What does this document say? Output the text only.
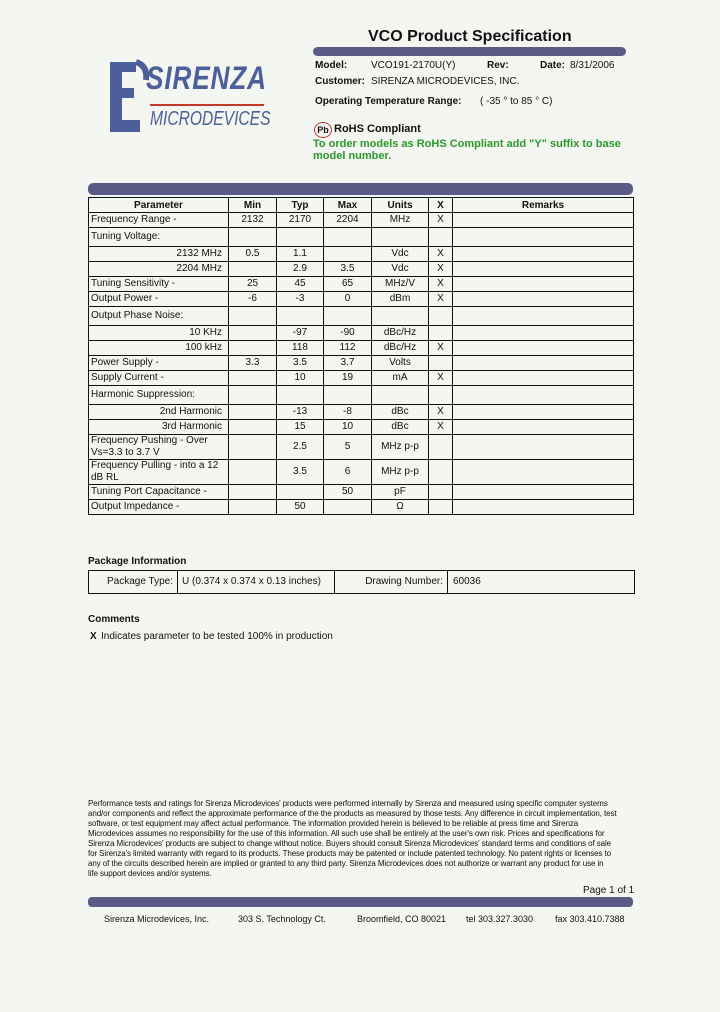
SIRENZA
MICRODEVICES
VCO Product Specification
Model: VCO191-2170U(Y)	Rev:	Date: 8/31/2006
Customer: SIRENZA MICRODEVICES, INC.
Operating Temperature Range: ( -35 ° to 85 ° C)
Pb RoHS Compliant
To order models as RoHS Compliant add "Y" suffix to base
model number.
Parameter	Min	Typ	Max	Units	X	Remarks
Frequency Range -	2132	2170	2204	MHz	X	
Tuning Voltage:						
2132 MHz	0.5	1.1		Vdc	X	
2204 MHz		2.9	3.5	Vdc	X	
Tuning Sensitivity -	25	45	65	MHz/V	X	
Output Power -	-6	-3	0	dBm	X	
Output Phase Noise:						
10 KHz		-97	-90	dBc/Hz		
100 kHz		118	112	dBc/Hz	X	
Power Supply -	3.3	3.5	3.7	Volts		
Supply Current -		10	19	mA	X	
Harmonic Suppression:						
2nd Harmonic		-13	-8	dBc	X	
3rd Harmonic		15	10	dBc	X	

Frequency Pushing - Over
Vs=3.3 to 3.7 V		2.5	5	MHz p-p		

Frequency Pulling - into a 12
dB RL		3.5	6	MHz p-p		
Tuning Port Capacitance -			50	pF		
Output Impedance -		50		Ω		
Package Information
Package Type: U (0.374 x 0.374 x 0.13 inches)	Drawing Number: 60036
Comments
X Indicates parameter to be tested 100% in production
Performance tests and ratings for Sirenza Microdevices' products were performed internally by Sirenza and measured using specific computer systems
and/or components and reflect the approximate performance of the the products as measured by those tests. Any difference in circuit implementation, test
software, or test equipment may affect actual performance. The information provided herein is believed to be reliable at press time and Sirenza
Microdevices assumes no responsibility for the use of this information. All such use shall be entirely at the user's own risk. Prices and specifications for
Sirenza Microdevices' products are subject to change without notice. Buyers should consult Sirenza Microdevices' standard terms and conditions of sale
for Sirenza's limited warranty with regard to its products. These products may be patented or include patented technology. No patent rights or licenses to
any of the circuits described herein are implied or granted to any third party. Sirenza Microdevices does not authorize or warrant any product for use in
life support devices and/or systems.
Page 1 of 1
Sirenza Microdevices, Inc.	303 S. Technology Ct.	Broomfield, CO 80021 tel 303.327.3030 fax 303.410.7388
